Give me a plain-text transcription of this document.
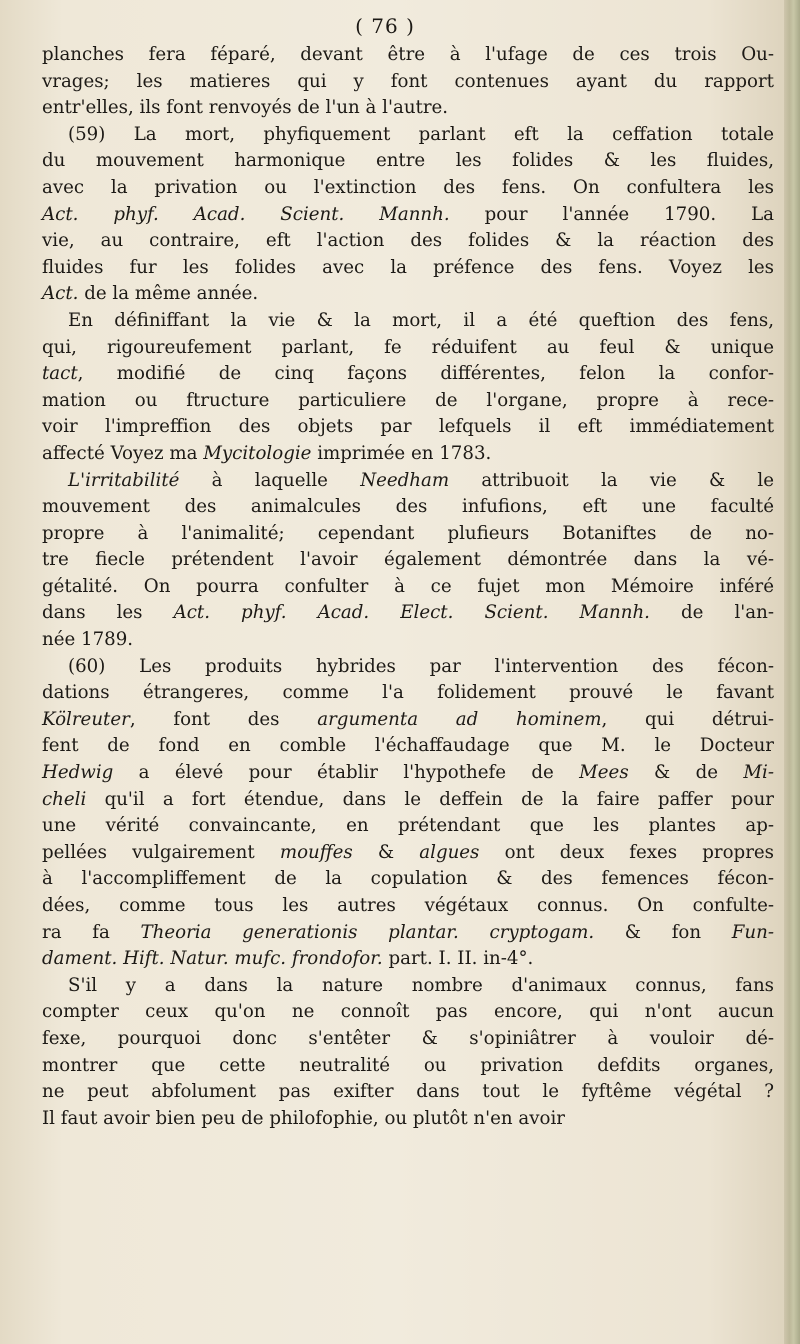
( 76 )
planches fera féparé, devant être à l'ufage de ces trois Ou-
vrages; les matieres qui y font contenues ayant du rapport
entr'elles, ils font renvoyés de l'un à l'autre.
(59) La mort, phyfiquement parlant eft la ceffation totale
du mouvement harmonique entre les folides & les fluides,
avec la privation ou l'extinction des fens. On confultera les
Act. phyf. Acad. Scient. Mannh. pour l'année 1790. La
vie, au contraire, eft l'action des folides & la réaction des
fluides fur les folides avec la préfence des fens. Voyez les
Act. de la même année.
En définiffant la vie & la mort, il a été queftion des fens,
qui, rigoureufement parlant, fe réduifent au feul & unique
tact, modifié de cinq façons différentes, felon la confor-
mation ou ftructure particuliere de l'organe, propre à rece-
voir l'impreffion des objets par lefquels il eft immédiatement
affecté Voyez ma Mycitologie imprimée en 1783.
L'irritabilité à laquelle Needham attribuoit la vie & le
mouvement des animalcules des infufions, eft une faculté
propre à l'animalité; cependant plufieurs Botaniftes de no-
tre fiecle prétendent l'avoir également démontrée dans la vé-
gétalité. On pourra confulter à ce fujet mon Mémoire inféré
dans les Act. phyf. Acad. Elect. Scient. Mannh. de l'an-
née 1789.
(60) Les produits hybrides par l'intervention des fécon-
dations étrangeres, comme l'a folidement prouvé le favant
Kölreuter, font des argumenta ad hominem, qui détrui-
fent de fond en comble l'échaffaudage que M. le Docteur
Hedwig a élevé pour établir l'hypothefe de Mees & de Mi-
cheli qu'il a fort étendue, dans le deffein de la faire paffer pour
une vérité convaincante, en prétendant que les plantes ap-
pellées vulgairement mouffes & algues ont deux fexes propres
à l'accompliffement de la copulation & des femences fécon-
dées, comme tous les autres végétaux connus. On confulte-
ra fa Theoria generationis plantar. cryptogam. & fon Fun-
dament. Hift. Natur. mufc. frondofor. part. I. II. in-4°.
S'il y a dans la nature nombre d'animaux connus, fans
compter ceux qu'on ne connoît pas encore, qui n'ont aucun
fexe, pourquoi donc s'entêter & s'opiniâtrer à vouloir dé-
montrer que cette neutralité ou privation defdits organes,
ne peut abfolument pas exifter dans tout le fyftême végétal ?
Il faut avoir bien peu de philofophie, ou plutôt n'en avoir
